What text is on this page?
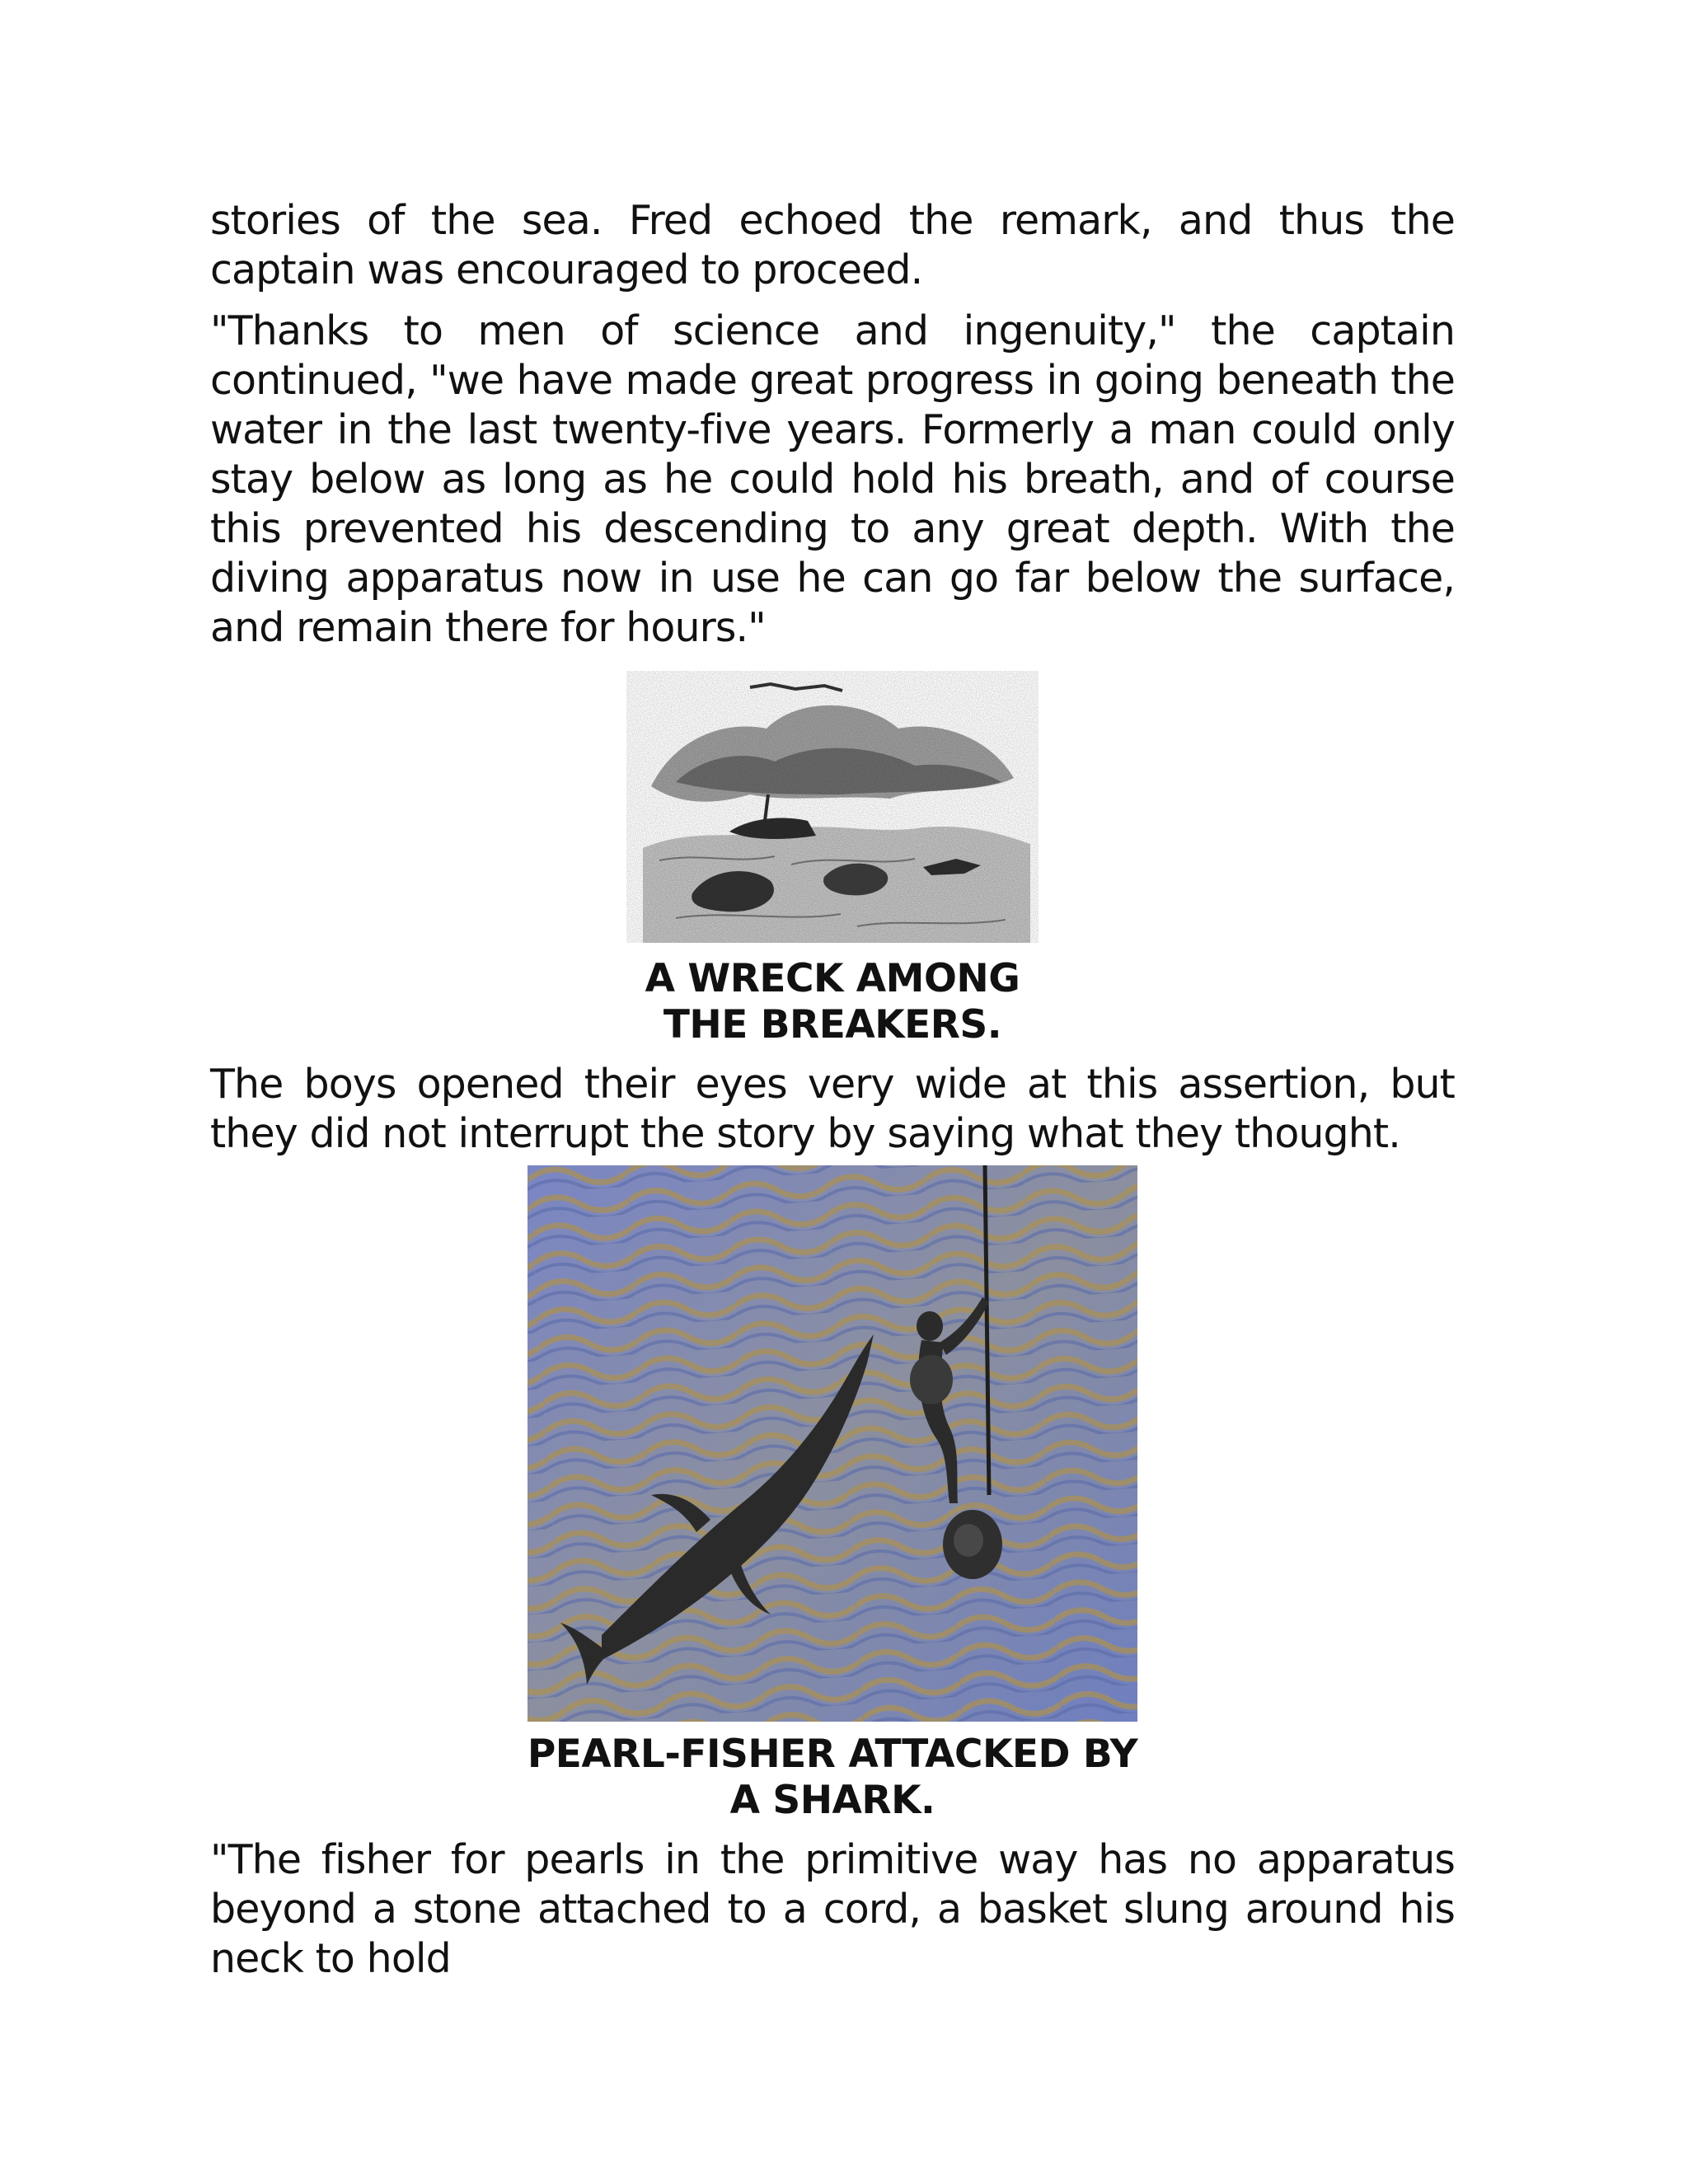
stories of the sea. Fred echoed the remark, and thus the captain was encouraged to proceed.

"Thanks to men of science and ingenuity," the captain continued, "we have made great progress in going beneath the water in the last twenty-five years. Formerly a man could only stay below as long as he could hold his breath, and of course this prevented his descending to any great depth. With the diving apparatus now in use he can go far below the surface, and remain there for hours."

A WRECK AMONG
THE BREAKERS.

The boys opened their eyes very wide at this assertion, but they did not interrupt the story by saying what they thought.

PEARL-FISHER ATTACKED BY
A SHARK.

"The fisher for pearls in the primitive way has no apparatus beyond a stone attached to a cord, a basket slung around his neck to hold
